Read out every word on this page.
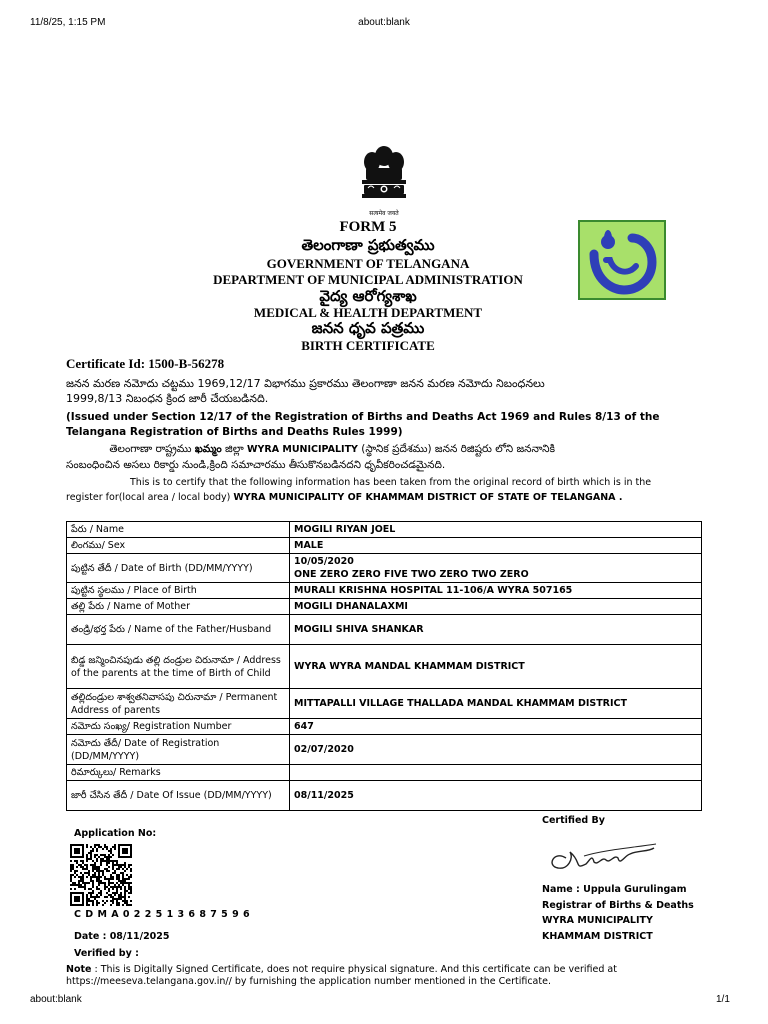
11/8/25, 1:15 PM	about:blank
सत्यमेव जयते
FORM 5
తెలంగాణా ప్రభుత్వము
GOVERNMENT OF TELANGANA
DEPARTMENT OF MUNICIPAL ADMINISTRATION
వైద్య ఆరోగ్యశాఖ
MEDICAL & HEALTH DEPARTMENT
జనన ధృవ పత్రము
BIRTH CERTIFICATE
Certificate Id: 1500-B-56278
జనన మరణ నమోదు చట్టము 1969,12/17 విభాగము ప్రకారము తెలంగాణా జనన మరణ నమోదు నిబంధనలు
1999,8/13 నిబంధన క్రింద జారీ చేయబడినది.
(Issued under Section 12/17 of the Registration of Births and Deaths Act 1969 and Rules 8/13 of the Telangana Registration of Births and Deaths Rules 1999)
తెలంగాణా రాష్ట్రము ఖమ్మం జిల్లా WYRA MUNICIPALITY (స్థానిక ప్రదేశము) జనన రిజిష్టరు లోని జననానికి
సంబంధించిన అసలు రికార్డు నుండి,క్రింది సమాచారము తీసుకొనబడినదని ధృవీకరించడమైనది.
This is to certify that the following information has been taken from the original record of birth which is in the
register for(local area / local body) WYRA MUNICIPALITY OF KHAMMAM DISTRICT OF STATE OF TELANGANA .
పేరు / Name	MOGILI RIYAN JOEL
లింగము/ Sex	MALE
పుట్టిన తేదీ / Date of Birth (DD/MM/YYYY)	10/05/2020
ONE ZERO ZERO FIVE TWO ZERO TWO ZERO

పుట్టిన స్థలము / Place of Birth	MURALI KRISHNA HOSPITAL 11-106/A WYRA 507165
తల్లి పేరు / Name of Mother	MOGILI DHANALAXMI
తండ్రి/భర్త పేరు / Name of the Father/Husband	MOGILI SHIVA SHANKAR
బిడ్డ జన్మించినపుడు తల్లి దండ్రుల చిరునామా / Address of the parents at the time of Birth of Child	WYRA WYRA MANDAL KHAMMAM DISTRICT
తల్లిదండ్రుల శాశ్వతనివాసపు చిరునామా / Permanent Address of parents	MITTAPALLI VILLAGE THALLADA MANDAL KHAMMAM DISTRICT
నమోదు సంఖ్య/ Registration Number	647
నమోదు తేదీ/ Date of Registration (DD/MM/YYYY)	02/07/2020
రిమార్కులు/ Remarks	
జారీ చేసిన తేదీ / Date Of Issue (DD/MM/YYYY)	08/11/2025
Application No:
C D M A 0 2 2 5 1 3 6 8 7 5 9 6
Date : 08/11/2025
Verified by :
Certified By
Name : Uppula Gurulingam
Registrar of Births & Deaths
WYRA MUNICIPALITY
KHAMMAM DISTRICT
Note : This is Digitally Signed Certificate, does not require physical signature. And this certificate can be verified at
https://meeseva.telangana.gov.in// by furnishing the application number mentioned in the Certificate.
about:blank	1/1
